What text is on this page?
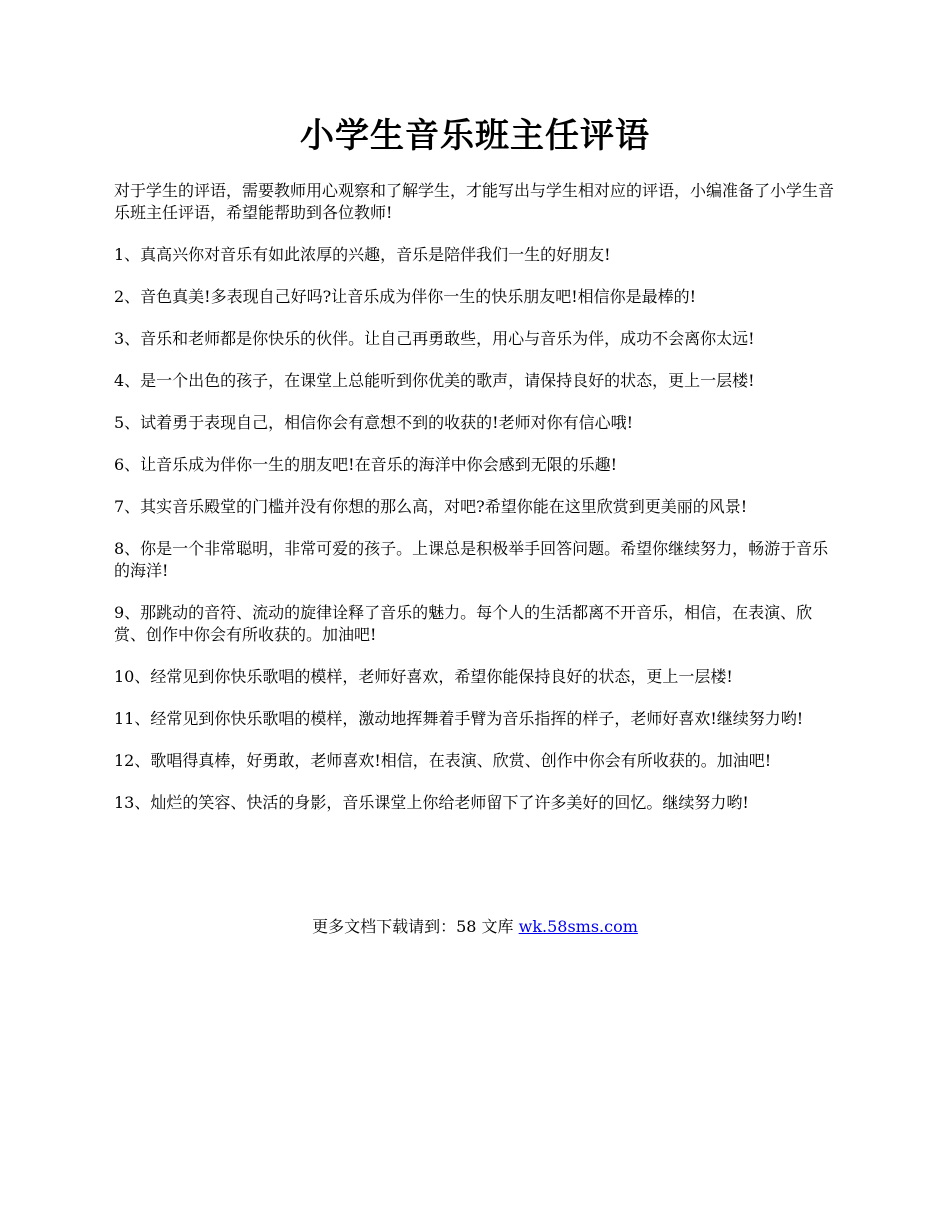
小学生音乐班主任评语

对于学生的评语，需要教师用心观察和了解学生，才能写出与学生相对应的评语，小编准备了小学生音乐班主任评语，希望能帮助到各位教师!

1、真高兴你对音乐有如此浓厚的兴趣，音乐是陪伴我们一生的好朋友!

2、音色真美!多表现自己好吗?让音乐成为伴你一生的快乐朋友吧!相信你是最棒的!

3、音乐和老师都是你快乐的伙伴。让自己再勇敢些，用心与音乐为伴，成功不会离你太远!

4、是一个出色的孩子，在课堂上总能听到你优美的歌声，请保持良好的状态，更上一层楼!

5、试着勇于表现自己，相信你会有意想不到的收获的!老师对你有信心哦!

6、让音乐成为伴你一生的朋友吧!在音乐的海洋中你会感到无限的乐趣!

7、其实音乐殿堂的门槛并没有你想的那么高，对吧?希望你能在这里欣赏到更美丽的风景!

8、你是一个非常聪明，非常可爱的孩子。上课总是积极举手回答问题。希望你继续努力，畅游于音乐的海洋!

9、那跳动的音符、流动的旋律诠释了音乐的魅力。每个人的生活都离不开音乐，相信，在表演、欣赏、创作中你会有所收获的。加油吧!

10、经常见到你快乐歌唱的模样，老师好喜欢，希望你能保持良好的状态，更上一层楼!

11、经常见到你快乐歌唱的模样，激动地挥舞着手臂为音乐指挥的样子，老师好喜欢!继续努力哟!

12、歌唱得真棒，好勇敢，老师喜欢!相信，在表演、欣赏、创作中你会有所收获的。加油吧!

13、灿烂的笑容、快活的身影，音乐课堂上你给老师留下了许多美好的回忆。继续努力哟!

更多文档下载请到：58 文库 wk.58sms.com
